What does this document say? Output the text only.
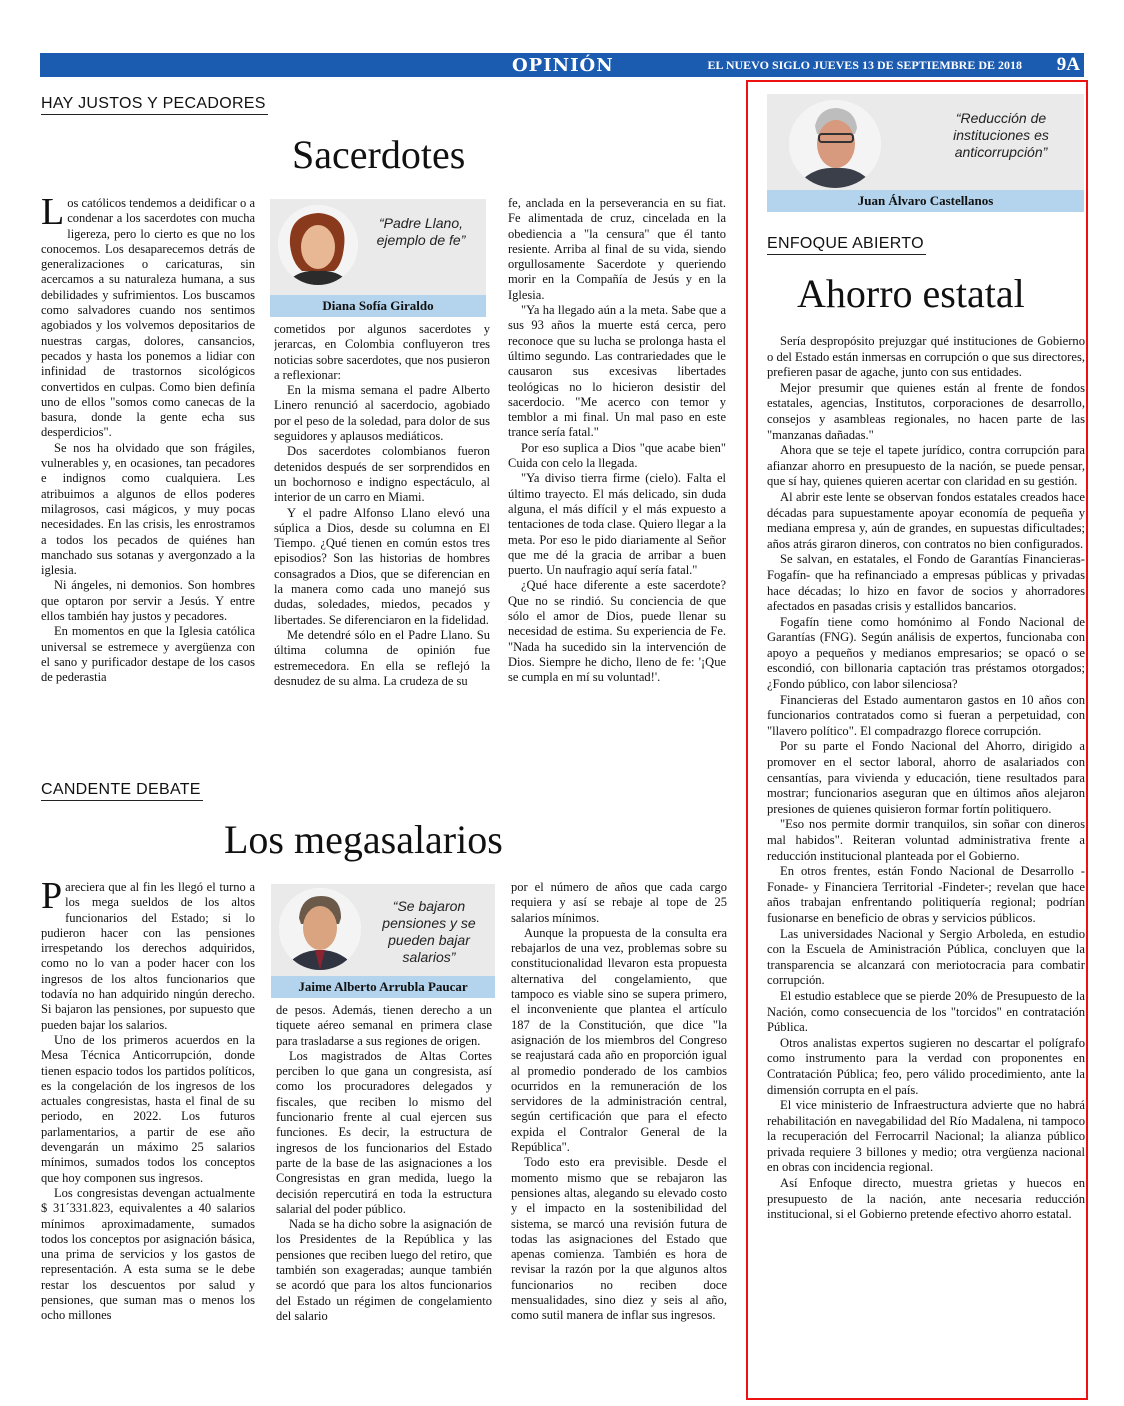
OPINIÓN	EL NUEVO SIGLO JUEVES 13 DE SEPTIEMBRE DE 2018 9A
HAY JUSTOS Y PECADORES
Sacerdotes

Los católicos tendemos a deidificar o a condenar a los sacerdotes con mucha ligereza, pero lo cierto es que no los conocemos. Los desaparecemos detrás de generalizaciones o caricaturas, sin acercamos a su naturaleza humana, a sus debilidades y sufrimientos. Los buscamos como salvadores cuando nos sentimos agobiados y los volvemos depositarios de nuestras cargas, dolores, cansancios, pecados y hasta los ponemos a lidiar con infinidad de trastornos sicológicos convertidos en culpas. Como bien definía uno de ellos "somos como canecas de la basura, donde la gente echa sus desperdicios".

Se nos ha olvidado que son frágiles, vulnerables y, en ocasiones, tan pecadores e indignos como cualquiera. Les atribuimos a algunos de ellos poderes milagrosos, casi mágicos, y muy pocas necesidades. En las crisis, les enrostramos a todos los pecados de quiénes han manchado sus sotanas y avergonzado a la iglesia.

Ni ángeles, ni demonios. Son hombres que optaron por servir a Jesús. Y entre ellos también hay justos y pecadores.

En momentos en que la Iglesia católica universal se estremece y avergüenza con el sano y purificador destape de los casos de pederastia

“Padre Llano, ejemplo de fe”
Diana Sofía Giraldo

cometidos por algunos sacerdotes y jerarcas, en Colombia confluyeron tres noticias sobre sacerdotes, que nos pusieron a reflexionar:

En la misma semana el padre Alberto Linero renunció al sacerdocio, agobiado por el peso de la soledad, para dolor de sus seguidores y aplausos mediáticos.

Dos sacerdotes colombianos fueron detenidos después de ser sorprendidos en un bochornoso e indigno espectáculo, al interior de un carro en Miami.

Y el padre Alfonso Llano elevó una súplica a Dios, desde su columna en El Tiempo. ¿Qué tienen en común estos tres episodios? Son las historias de hombres consagrados a Dios, que se diferencian en la manera como cada uno manejó sus dudas, soledades, miedos, pecados y libertades. Se diferenciaron en la fidelidad.

Me detendré sólo en el Padre Llano. Su última columna de opinión fue estremecedora. En ella se reflejó la desnudez de su alma. La crudeza de su

fe, anclada en la perseverancia en su fiat. Fe alimentada de cruz, cincelada en la obediencia a "la censura" que él tanto resiente. Arriba al final de su vida, siendo orgullosamente Sacerdote y queriendo morir en la Compañía de Jesús y en la Iglesia.

"Ya ha llegado aún a la meta. Sabe que a sus 93 años la muerte está cerca, pero reconoce que su lucha se prolonga hasta el último segundo. Las contrariedades que le causaron sus excesivas libertades teológicas no lo hicieron desistir del sacerdocio. "Me acerco con temor y temblor a mi final. Un mal paso en este trance sería fatal."

Por eso suplica a Dios "que acabe bien" Cuida con celo la llegada.

"Ya diviso tierra firme (cielo). Falta el último trayecto. El más delicado, sin duda alguna, el más difícil y el más expuesto a tentaciones de toda clase. Quiero llegar a la meta. Por eso le pido diariamente al Señor que me dé la gracia de arribar a buen puerto. Un naufragio aquí sería fatal."

¿Qué hace diferente a este sacerdote? Que no se rindió. Su conciencia de que sólo el amor de Dios, puede llenar su necesidad de estima. Su experiencia de Fe. "Nada ha sucedido sin la intervención de Dios. Siempre he dicho, lleno de fe: '¡Que se cumpla en mí su voluntad!'.

CANDENTE DEBATE
Los megasalarios

Pareciera que al fin les llegó el turno a los mega sueldos de los altos funcionarios del Estado; si lo pudieron hacer con las pensiones irrespetando los derechos adquiridos, como no lo van a poder hacer con los ingresos de los altos funcionarios que todavía no han adquirido ningún derecho. Si bajaron las pensiones, por supuesto que pueden bajar los salarios.

Uno de los primeros acuerdos en la Mesa Técnica Anticorrupción, donde tienen espacio todos los partidos políticos, es la congelación de los ingresos de los actuales congresistas, hasta el final de su periodo, en 2022. Los futuros parlamentarios, a partir de ese año devengarán un máximo 25 salarios mínimos, sumados todos los conceptos que hoy componen sus ingresos.

Los congresistas devengan actualmente $ 31´331.823, equivalentes a 40 salarios mínimos aproximadamente, sumados todos los conceptos por asignación básica, una prima de servicios y los gastos de representación. A esta suma se le debe restar los descuentos por salud y pensiones, que suman mas o menos los ocho millones

“Se bajaron pensiones y se pueden bajar salarios”
Jaime Alberto Arrubla Paucar

de pesos. Además, tienen derecho a un tiquete aéreo semanal en primera clase para trasladarse a sus regiones de origen.

Los magistrados de Altas Cortes perciben lo que gana un congresista, así como los procuradores delegados y fiscales, que reciben lo mismo del funcionario frente al cual ejercen sus funciones. Es decir, la estructura de ingresos de los funcionarios del Estado parte de la base de las asignaciones a los Congresistas en gran medida, luego la decisión repercutirá en toda la estructura salarial del poder público.

Nada se ha dicho sobre la asignación de los Presidentes de la República y las pensiones que reciben luego del retiro, que también son exageradas; aunque también se acordó que para los altos funcionarios del Estado un régimen de congelamiento del salario

por el número de años que cada cargo requiera y así se rebaje al tope de 25 salarios mínimos.

Aunque la propuesta de la consulta era rebajarlos de una vez, problemas sobre su constitucionalidad llevaron esta propuesta alternativa del congelamiento, que tampoco es viable sino se supera primero, el inconveniente que plantea el artículo 187 de la Constitución, que dice "la asignación de los miembros del Congreso se reajustará cada año en proporción igual al promedio ponderado de los cambios ocurridos en la remuneración de los servidores de la administración central, según certificación que para el efecto expida el Contralor General de la República".

Todo esto era previsible. Desde el momento mismo que se rebajaron las pensiones altas, alegando su elevado costo y el impacto en la sostenibilidad del sistema, se marcó una revisión futura de todas las asignaciones del Estado que apenas comienza. También es hora de revisar la razón por la que algunos altos funcionarios no reciben doce mensualidades, sino diez y seis al año, como sutil manera de inflar sus ingresos.

“Reducción de instituciones es anticorrupción”
Juan Álvaro Castellanos
ENFOQUE ABIERTO
Ahorro estatal

Sería despropósito prejuzgar qué instituciones de Gobierno o del Estado están inmersas en corrupción o que sus directores, prefieren pasar de agache, junto con sus entidades.

Mejor presumir que quienes están al frente de fondos estatales, agencias, Institutos, corporaciones de desarrollo, consejos y asambleas regionales, no hacen parte de las "manzanas dañadas."

Ahora que se teje el tapete jurídico, contra corrupción para afianzar ahorro en presupuesto de la nación, se puede pensar, que sí hay, quienes quieren acertar con claridad en su gestión.

Al abrir este lente se observan fondos estatales creados hace décadas para supuestamente apoyar economía de pequeña y mediana empresa y, aún de grandes, en supuestas dificultades; años atrás giraron dineros, con contratos no bien configurados.

Se salvan, en estatales, el Fondo de Garantías Financieras-Fogafín- que ha refinanciado a empresas públicas y privadas hace décadas; lo hizo en favor de socios y ahorradores afectados en pasadas crisis y estallidos bancarios.

Fogafín tiene como homónimo al Fondo Nacional de Garantías (FNG). Según análisis de expertos, funcionaba con apoyo a pequeños y medianos empresarios; se opacó o se escondió, con billonaria captación tras préstamos otorgados; ¿Fondo público, con labor silenciosa?

Financieras del Estado aumentaron gastos en 10 años con funcionarios contratados como si fueran a perpetuidad, con "llavero político". El compadrazgo florece corrupción.

Por su parte el Fondo Nacional del Ahorro, dirigido a promover en el sector laboral, ahorro de asalariados con censantías, para vivienda y educación, tiene resultados para mostrar; funcionarios aseguran que en últimos años alejaron presiones de quienes quisieron formar fortín politiquero.

"Eso nos permite dormir tranquilos, sin soñar con dineros mal habidos". Reiteran voluntad administrativa frente a reducción institucional planteada por el Gobierno.

En otros frentes, están Fondo Nacional de Desarrollo -Fonade- y Financiera Territorial -Findeter-; revelan que hace años trabajan enfrentando politiquería regional; podrían fusionarse en beneficio de obras y servicios públicos.

Las universidades Nacional y Sergio Arboleda, en estudio con la Escuela de Aministración Pública, concluyen que la transparencia se alcanzará con meriotocracia para combatir corrupción.

El estudio establece que se pierde 20% de Presupuesto de la Nación, como consecuencia de los "torcidos" en contratación Pública.

Otros analistas expertos sugieren no descartar el polígrafo como instrumento para la verdad con proponentes en Contratación Pública; feo, pero válido procedimiento, ante la dimensión corrupta en el país.

El vice ministerio de Infraestructura advierte que no habrá rehabilitación en navegabilidad del Río Madalena, ni tampoco la recuperación del Ferrocarril Nacional; la alianza público privada requiere 3 billones y medio; otra vergüenza nacional en obras con incidencia regional.

Así Enfoque directo, muestra grietas y huecos en presupuesto de la nación, ante necesaria reducción institucional, si el Gobierno pretende efectivo ahorro estatal.
